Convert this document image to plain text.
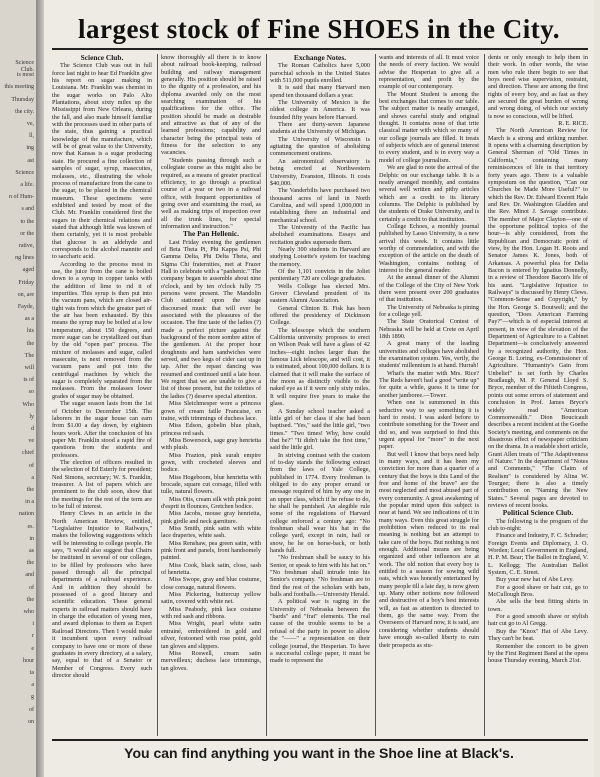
Science Club.
is most
this meeting
Thursday
the city.
ve,
ll,
ing
ast
Science
a life.
n of Hum-
s and
to the
or the
rative,
ng lines
aged
Friday
on, are
Fayde,
as a
his
the
The
will
ts of
so
Who
ly
d
ve
chief
of
a
the
in a
nation
es.
in
as
the
and
of
the
who
i
r
e
hour
ta
a
g
of
on
largest stock of Fine SHOES in the City.
Science Club.

The Science Club was out in full force last night to hear Ed Franklin give his report on sugar making in Louisiana. Mr. Franklin was chemist in the sugar works on Palo Alto Plantations, about sixty miles up the Mississippi from New Orleans, during the fall, and also made himself familiar with the processes used in other parts of the state, thus gaining a practical knowledge of the manufacture, which will be of great value to the University, now that Kansas is a sugar producing state. He procured a fine collection of samples of sugar, syrup, masecuites, molasses, etc., illustrating the whole process of manufacture from the cane to the sugar, to be placed in the chemical museum. These specimens were exhibited and tested by most of the Club. Mr. Franklin considered first the sugars in their chemical relations and stated that although little was known of them certainly, yet it is most probable that glucose is an aldehyde and corresponds to the alcohol mannite and to saccharic acid.

According to the process most in use, the juice from the cane is boiled down to a syrup in copper tanks with the addition of lime to rid it of impurities. This syrup is then put into the vacuum pans, which are closed air-tight vats from which the greater part of the air has been exhausted. By this means the syrup may be boiled at a low temperature, about 150 degrees, and more sugar can be crystallized out than by the old "open pan" process. The mixture of molasses and sugar, called masecuite, is next removed from the vacuum pans and put into the centrifugal machines by which the sugar is completely separated from the molasses. From the molasses lower grades of sugar may be obtained.

The sugar season lasts from the 1st of October to December 15th. The laborers in the sugar house can earn from $1.00 a day down, by eighteen hours work. After the conclusion of his paper Mr. Franklin stood a rapid fire of questions from the students and professors.

The election of officers resulted in the selection of Ed Esterly for president; Ned Simons, secretary; W. S. Franklin, treasurer. A list of papers which are prominent to the club soon, show that the meetings for the rest of the term are to be full of interest.

Henry Clews in an article in the North American Review, entitled, "Legislative Injustice to Railways," makes the following suggestions which will be interesting to college people. He says, "I would also suggest that Chairs be instituted in several of our colleges, to be filled by professors who have passed through all the principal departments of a railroad experience. And in addition they should be possessed of a good literary and scientific education. These general experts in railroad matters should have in charge the education of young men, and award diplomas to them as Expert Railroad Directors. Then I would make it incumbent upon every railroad company to have one or more of these graduates in every directory, at a salary, say, equal to that of a Senator or Member of Congress. Every such director should

know thoroughly all there is to know about railroad book-keeping, railroad building and railway management generally. His position should be raised to the dignity of a profession, and his diploma awarded only on the most searching examination of his qualifications for the office. The position should be made as desirable and attractive as that of any of the learned professions; capability and character being the principal tests of fitness for the selection to any vacancies.

"Students passing through such a collegiate course as this might also be required, as a means of greater practical efficiency, to go through a practical course of a year or two in a railroad office, with frequent opportunities of going over and examining the road, as well as making trips of inspection over all the trunk lines, for special information and instruction."

The Pan Hellenic.

Last Friday evening the gentlemen of Beta Theta Pi, Phi Kappa Psi, Phi Gamma Delta, Phi Delta Theta, and Sigma Chi fraternities, met at Frazer Hall to celebrate with a "panhenic." The company began to assemble about nine o'clock, and by ten o'clock fully 75 persons were present. The Mandolin Club stationed upon the stage discoursed music that will ever be associated with the pleasures of the occasion. The fine taste of the ladies (?) made a perfect picture against the background of the more sombre attire of the gentlemen. At the proper hour doughnuts and ham sandwiches were served, and two kegs of cider cast up in tap. After the repast dancing was resumed and continued until a late hour. We regret that we are unable to give a list of those present, but the toilettes of the ladies (?) deserve special attention.

Miss Sleichmesper wore a princess gown of cream faille Francaise, en traine, with trimmings of duchess lace.

Miss Edson, gobelin blue plush, princess red sash.

Miss Bowersock, sage gray henrietta with plush.

Miss Frazton, pink surah empire gown, with crocheted sleeves and bodice.

Miss Hogeboom, blue henrietta with brocade, square cut corsage, filled with tulle, natural flowers.

Miss Otis, cream silk with pink point d'esprit in flounces, Gretchen bodice.

Miss Jacobs, mouse gray henrietta, pink girdle and neck garniture.

Miss Smith, pink satin with white lace draperies, white sash.

Miss Renshaw, pea green satin, with pink front and panels, front handsomely painted.

Miss Cook, black satin, close, sash of henrietta.

Miss Swope, gray and blue costume, close corsage, natural flowers.

Miss Pickering, buttercup yellow satin, covered with white net.

Miss Peabody, pink lace costume with red sash and ribbons.

Miss Wright, pearl white satin entrainé, embroidered in gold and silver, festooned with rose point, gold tan gloves and slippers.

Miss Roswell, cream satin merveilleux; duchess lace trimmings, tan gloves.

Exchange Notes.

The Roman Catholics have 5,000 parochial schools in the United States with 511,000 pupils enrolled.

It is said that many Harvard men spend ten thousand dollars a year.

The University of Mexico is the oldest college in America. It was founded fifty years before Harvard.

There are thirty-seven Japanese students at the University of Michigan.

The University of Wisconsin is agitating the question of abolishing commencement orations.

An astronomical observatory is being erected at Northwestern University, Evanston, Illinois. It costs $40,000.

The Vanderbilts have purchased two thousand acres of land in North Carolina, and will spend 1,000,000 in establishing there an industrial and mechanical school.

The University of the Pacific has abolished examinations. Essays and recitation grades supersede them.

Nearly 300 students in Harvard are studying Loisette's system for teaching the memory.

Of the 1,101 convicts in the Joliet penitentiary 720 are college graduates.

Wells College has elected Mrs. Grover Cleveland president of its eastern Alumni Association.

General Clinton B. Fisk has been offered the presidency of Dickinson College.

The telescope which the southern California university proposes to erect on Wilson Peak will have a glass of 42 inches—eight inches larger than the famous Lick telescope, and will cost, it is estimated, about 100,000 dollars. It is claimed that it will make the surface of the moon as distinctly visible to the naked eye as if it were only sixty miles. It will require five years to make the glass.

A Sunday school teacher asked a little girl of her class if she had been baptised. "Yes," said the little girl, "two times." "Two times! Why, how could that be?" "It didn't take the first time," said the little girl.

In striving contrast with the custom of to-day stands the following extract from the laws of Yale College, published in 1774. Every freshman is obliged to do any proper errand or message required of him by any one in an upper class, which if he refuse to do, he shall be punished. An alegible rule some of the regulations of Harvard college enforced a century ago: "No freshman shall wear his hat in the college yard, except in rain, hail or snow, be he on horse-back, or both hands full.

"No freshman shall be saucy to his Senior, or speak to him with his hat on." "No freshman shall intrude into his Senior's company. "No freshman are to find the rest of the scholars with bats, balls and footballs.—University Herald.

A political war is raging in the University of Nebraska between the "bards" and "frat" elements. The real cause of the trouble seems to be a refusal of the party in power to allow the "——" a representation on their college journal, the Hesperian. To have a successful college paper, it must be made to represent the

wants and interests of all. It must voice the needs of every faction. We would advise the Hesperian to give all a representation, and profit by the example of our contemporary.

The Mount Student is among the best exchanges that comes to our table. The subject matter is neatly arranged, and shows careful study and original thought. It contains none of that trite classical matter with which so many of our college journals are filled. It treats of subjects which are of general interest to every student, and is in every way a model of college journalism.

We are glad to note the arrival of the Delphic on our exchange table. It is a neatly arranged monthly, and contains several well written and pithy articles which are a credit to its literary columns. The Delphic is published by the students of Drake University, and is certainly a credit to that institution.

College Echoes, a monthly journal published by Lasso University, is a new arrival this week. It contains little worthy of commendation, and with the exception of the article on the death of Washington, contains nothing of interest to the general reader.

At the annual dinner of the Alumni of the College of the City of New York there were present over 200 graduates of that institution.

The University of Nebraska is pining for a college yell.

The State Oratorical Contest of Nebraska will be held at Crete on April 18th 1890.

A great many of the leading universities and colleges have abolished the examination system. Yes, verily, the students' millennium is at hand. Hurrah!

What's the matter with Mrs. Rice? The Reds haven't had a good "write up" for quite a while, guess it is time for another jamboree.—Tower.

When one is summoned in this seductive way to say something it is hard to resist. I was asked before to contribute something for the Tower and did so, and was surprised to find this urgent appeal for "more" in the next paper.

But well I know that boys need help in many ways, and it has been my conviction for more than a quarter of a century that the boys is this Land of the free and home of the brave" are the most neglected and most abused part of every community. A great awakening of the popular mind upon this subject is near at hand. We see indications of it in many ways. Even this great struggle for prohibition when reduced to its real meaning is nothing but an attempt to take care of the boys. But nothing is not enough. Additional means are being organized and other influences are at work. The old notion that every boy is entitled to a season for sowing wild oats, which was honestly entertained by many people till a late day, is now given up. Many other notions now followed and destructive of a boy's best interests will, as fast as attention is directed to them, go the same way. From the Overseers of Harvard now, it is said, are considering whether students should have enough so-called liberty to ruin their prospects as stu-

dents or only enough to help them in their work. In other words, the wise men who rule there begin to see that boys need wise supervision, restraint, and direction. These are among the first rights of every boy, and as fast as they are secured the great burden of wrong and wrong doing, of which our society is now so conscious, will be lifted.

R. E. RICE.

The North American Review for March is a strong and striking number. It opens with a charming description by General Sherman of "Old Times in California," containing many reminiscences of life in that territory forty years ago. There is a valuable symposium on the question, "Can our Churches be Made More Useful?" to which the Rev. Dr. Edward Everett Hale and Rev. Dr. Washington Gladden and the Rev. Minot J. Savage contribute. The member of Major Clayton—one of the opportune political topics of the hour—is ably considered, from the Republican and Democratic point of view, by the Hon. Logan H. Roots and Senator James K. Jones, both of Arkansas. A powerful plea for Delia Bacon is entered by Ignatius Donnelly, in a review of Theodore Bacon's life of his aunt. "Legislative Injustice to Railways" is discussed by Henry Clews. "Common-Sense and Copyright," by the Hon. George S. Boutwell; and the question, "Does American Farming Pay?"—which is of especial interest at present, in view of the elevation of the Department of Agriculture to a Cabinet Department—is conclusively answered by a recognized authority, the Hon. George B. Loring, ex-Commissioner of Agriculture. "Humanity's Gain from Unbelief" is set forth by Charles Bradlaugh, M. P. General Lloyd S. Bryce, member of the Fiftieth Congress, points out some errors of statement and conclusion in Prof. James Bryce's widely read "American Commonwealth." Dion Boucicault describes a recent incident at the Goethe Society's meeting, and comments on the disastrous effect of newspaper criticism on the drama. In a readable short article, Grant Allen treats of "The Adaptiveness of Nature." In the department of "Notes and Comments," "The Claim of Realism" is considered by Alina W. Tourgee; there is also a timely contribution on "Naming the New States." Several pages are devoted to reviews of recent books.

Political Science Club.

The following is the program of the club to-night:

Finance and Industry, F. C. Schrader; Foreign Events and Diplomacy, J. O. Worden; Local Government in England, H. P. M. Bear; The Ballot in England, V. L. Kellogg; The Australian Ballot System, C. E. Street.

Buy your new hat of Abe Levy.

For a good shave or hair cut, go to McCullough Bros.

Abe sells the best fitting shirts in town.

For a good smooth shave or stylish hair cut go to Al Gregg.

Buy the "Knox" Hat of Abe Levy. They can't be beat.

Remember the concert to be given by the First Regiment Band at the opera house Thursday evening, March 21st.

You can find anything you want in the Shoe line at Black's.
